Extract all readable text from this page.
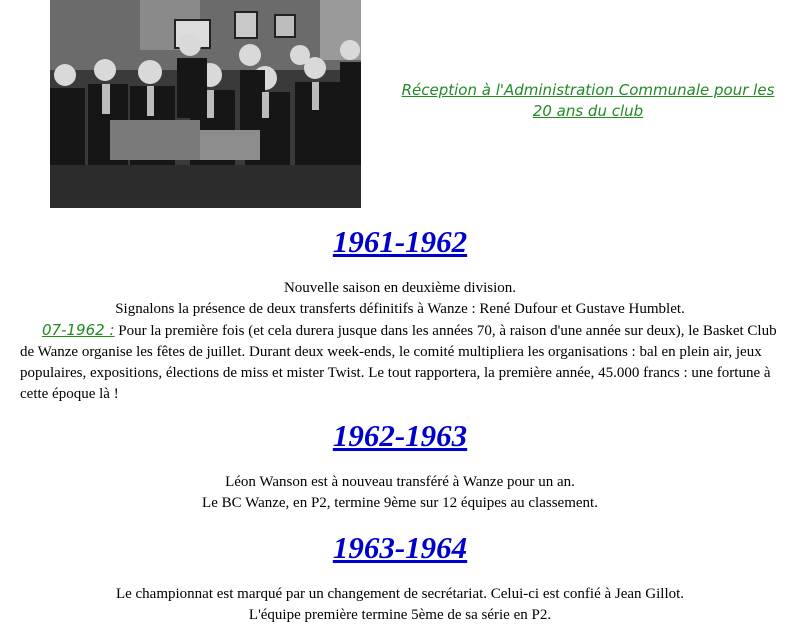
Réception à l'Administration Communale pour les 20 ans du club
1961-1962

Nouvelle saison en deuxième division.

Signalons la présence de deux transferts définitifs à Wanze : René Dufour et Gustave Humblet.

07-1962 : Pour la première fois (et cela durera jusque dans les années 70, à raison d'une année sur deux), le Basket Club de Wanze organise les fêtes de juillet. Durant deux week-ends, le comité multipliera les organisations : bal en plein air, jeux populaires, expositions, élections de miss et mister Twist. Le tout rapportera, la première année, 45.000 francs : une fortune à cette époque là !

1962-1963

Léon Wanson est à nouveau transféré à Wanze pour un an.

Le BC Wanze, en P2, termine 9ème sur 12 équipes au classement.

1963-1964

Le championnat est marqué par un changement de secrétariat. Celui-ci est confié à Jean Gillot.

L'équipe première termine 5ème de sa série en P2.
